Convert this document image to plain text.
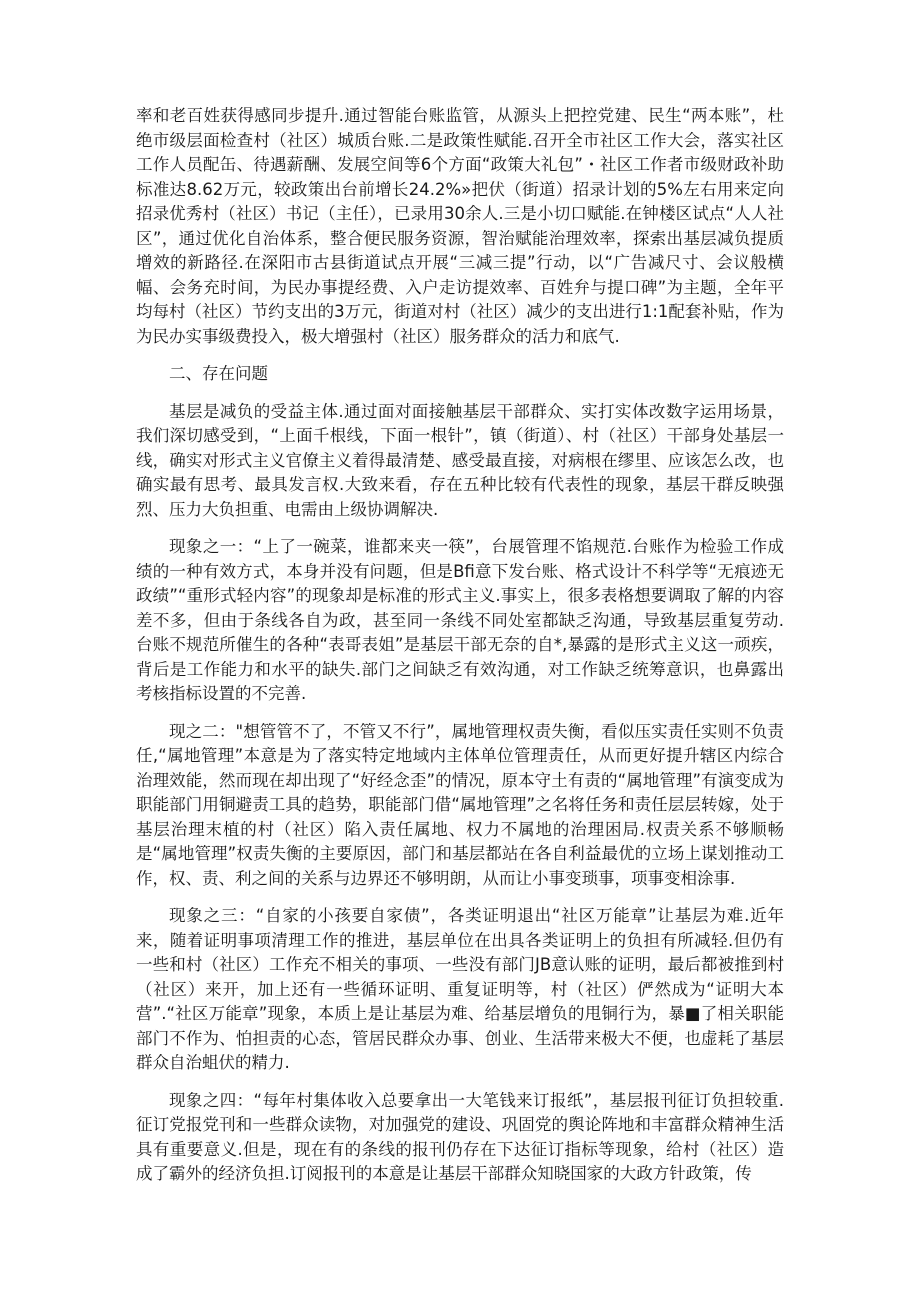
率和老百姓获得感同步提升.通过智能台账监管，从源头上把控党建、民生“两本账”，杜绝市级层面检查村（社区）城质台账.二是政策性赋能.召开全市社区工作大会，落实社区工作人员配缶、待遇薪酬、发展空间等6个方面“政策大礼包”・社区工作者市级财政补助标准达8.62万元，较政策出台前增长24.2%»把伏（街道）招录计划的5%左右用来定向招录优秀村（社区）书记（主任），已录用30余人.三是小切口赋能.在钟楼区试点“人人社区”，通过优化自治体系，整合便民服务资源，智治赋能治理效率，探索出基层减负提质增效的新路径.在深阳市古县街道试点开展“三减三提”行动，以“广告减尺寸、会议般横幅、会务充时间，为民办事提经费、入户走访提效率、百姓弁与提口碑”为主题，全年平均每村（社区）节约支出的3万元，街道对村（社区）减少的支出进行1:1配套补贴，作为为民办实事级费投入，极大增强村（社区）服务群众的活力和底气.

二、存在问题

基层是减负的受益主体.通过面对面接触基层干部群众、实打实体改数字运用场景，我们深切感受到，“上面千根线，下面一根针”，镇（街道）、村（社区）干部身处基层一线，确实对形式主义官僚主义着得最清楚、感受最直接，对病根在缪里、应该怎么改，也确实最有思考、最具发言权.大致来看，存在五种比较有代表性的现象，基层干群反映强烈、压力大负担重、电需由上级协调解决.

现象之一：“上了一碗菜，谁都来夹一筷”，台展管理不馅规范.台账作为检验工作成绩的一种有效方式，本身并没有问题，但是Bfi意下发台账、格式设计不科学等“无痕迹无政绩”“重形式轻内容”的现象却是标准的形式主义.事实上，很多表格想要调取了解的内容差不多，但由于条线各自为政，甚至同一条线不同处室都缺乏沟通，导致基层重复劳动.台账不规范所催生的各种“表哥表姐”是基层干部无奈的自*,暴露的是形式主义这一顽疾，背后是工作能力和水平的缺失.部门之间缺乏有效沟通，对工作缺乏统筹意识，也鼻露出考核指标设置的不完善.

现之二："想管管不了，不管又不行”，属地管理权责失衡，看似压实责任实则不负责任,“属地管理”本意是为了落实特定地域内主体单位管理责任，从而更好提升辖区内综合治理效能，然而现在却出现了“好经念歪”的情况，原本守土有责的“属地管理”有演变成为职能部门用铜避责工具的趋势，职能部门借“属地管理”之名将任务和责任层层转嫁，处于基层治理末植的村（社区）陷入责任属地、权力不属地的治理困局.权责关系不够顺畅是“属地管理”权责失衡的主要原因，部门和基层都站在各自利益最优的立场上谋划推动工作，权、责、利之间的关系与边界还不够明朗，从而让小事变琐事，项事变相涂事.

现象之三：“自家的小孩要自家债”，各类证明退出“社区万能章”让基层为难.近年来，随着证明事项清理工作的推进，基层单位在出具各类证明上的负担有所减轻.但仍有一些和村（社区）工作充不相关的事项、一些没有部门JB意认账的证明，最后都被推到村（社区）来开，加上还有一些循环证明、重复证明等，村（社区）俨然成为“证明大本营”.“社区万能章”现象，本质上是让基层为难、给基层增负的甩铜行为，暴■了相关职能部门不作为、怕担责的心态，管居民群众办事、创业、生活带来极大不便，也虚耗了基层群众自治蛆伏的精力.

现象之四：“每年村集体收入总要拿出一大笔钱来订报纸”，基层报刊征订负担较重.征订党报党刊和一些群众读物，对加强党的建设、巩固党的舆论阵地和丰富群众精神生活具有重要意义.但是，现在有的条线的报刊仍存在下达征订指标等现象，给村（社区）造成了霸外的经济负担.订阅报刊的本意是让基层干部群众知晓国家的大政方针政策，传
